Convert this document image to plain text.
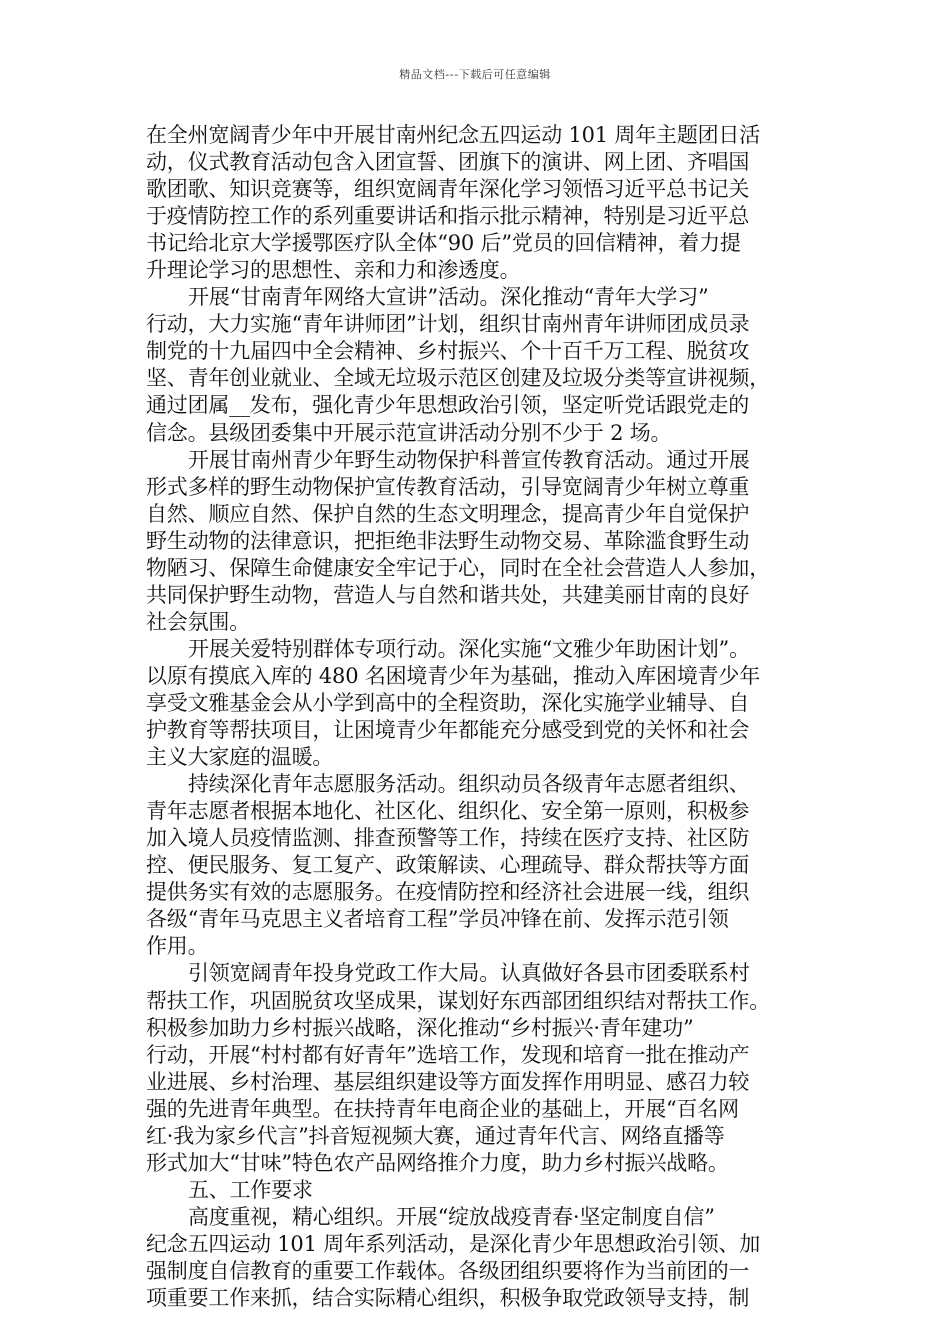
精品文档---下载后可任意编辑
在全州宽阔青少年中开展甘南州纪念五四运动 101 周年主题团日活
动，仪式教育活动包含入团宣誓、团旗下的演讲、网上团、齐唱国
歌团歌、知识竞赛等，组织宽阔青年深化学习领悟习近平总书记关
于疫情防控工作的系列重要讲话和指示批示精神，特别是习近平总
书记给北京大学援鄂医疗队全体“90 后”党员的回信精神，着力提
升理论学习的思想性、亲和力和渗透度。
开展“甘南青年网络大宣讲”活动。深化推动“青年大学习”
行动，大力实施“青年讲师团”计划，组织甘南州青年讲师团成员录
制党的十九届四中全会精神、乡村振兴、个十百千万工程、脱贫攻
坚、青年创业就业、全域无垃圾示范区创建及垃圾分类等宣讲视频，
通过团属__发布，强化青少年思想政治引领，坚定听党话跟党走的
信念。县级团委集中开展示范宣讲活动分别不少于 2 场。
开展甘南州青少年野生动物保护科普宣传教育活动。通过开展
形式多样的野生动物保护宣传教育活动，引导宽阔青少年树立尊重
自然、顺应自然、保护自然的生态文明理念，提高青少年自觉保护
野生动物的法律意识，把拒绝非法野生动物交易、革除滥食野生动
物陋习、保障生命健康安全牢记于心，同时在全社会营造人人参加，
共同保护野生动物，营造人与自然和谐共处，共建美丽甘南的良好
社会氛围。
开展关爱特别群体专项行动。深化实施“文雅少年助困计划”。
以原有摸底入库的 480 名困境青少年为基础，推动入库困境青少年
享受文雅基金会从小学到高中的全程资助，深化实施学业辅导、自
护教育等帮扶项目，让困境青少年都能充分感受到党的关怀和社会
主义大家庭的温暖。
持续深化青年志愿服务活动。组织动员各级青年志愿者组织、
青年志愿者根据本地化、社区化、组织化、安全第一原则，积极参
加入境人员疫情监测、排查预警等工作，持续在医疗支持、社区防
控、便民服务、复工复产、政策解读、心理疏导、群众帮扶等方面
提供务实有效的志愿服务。在疫情防控和经济社会进展一线，组织
各级“青年马克思主义者培育工程”学员冲锋在前、发挥示范引领
作用。
引领宽阔青年投身党政工作大局。认真做好各县市团委联系村
帮扶工作，巩固脱贫攻坚成果，谋划好东西部团组织结对帮扶工作。
积极参加助力乡村振兴战略，深化推动“乡村振兴·青年建功”
行动，开展“村村都有好青年”选培工作，发现和培育一批在推动产
业进展、乡村治理、基层组织建设等方面发挥作用明显、感召力较
强的先进青年典型。在扶持青年电商企业的基础上，开展“百名网
红·我为家乡代言”抖音短视频大赛，通过青年代言、网络直播等
形式加大“甘味”特色农产品网络推介力度，助力乡村振兴战略。
五、工作要求
高度重视，精心组织。开展“绽放战疫青春·坚定制度自信”
纪念五四运动 101 周年系列活动，是深化青少年思想政治引领、加
强制度自信教育的重要工作载体。各级团组织要将作为当前团的一
项重要工作来抓，结合实际精心组织，积极争取党政领导支持，制
